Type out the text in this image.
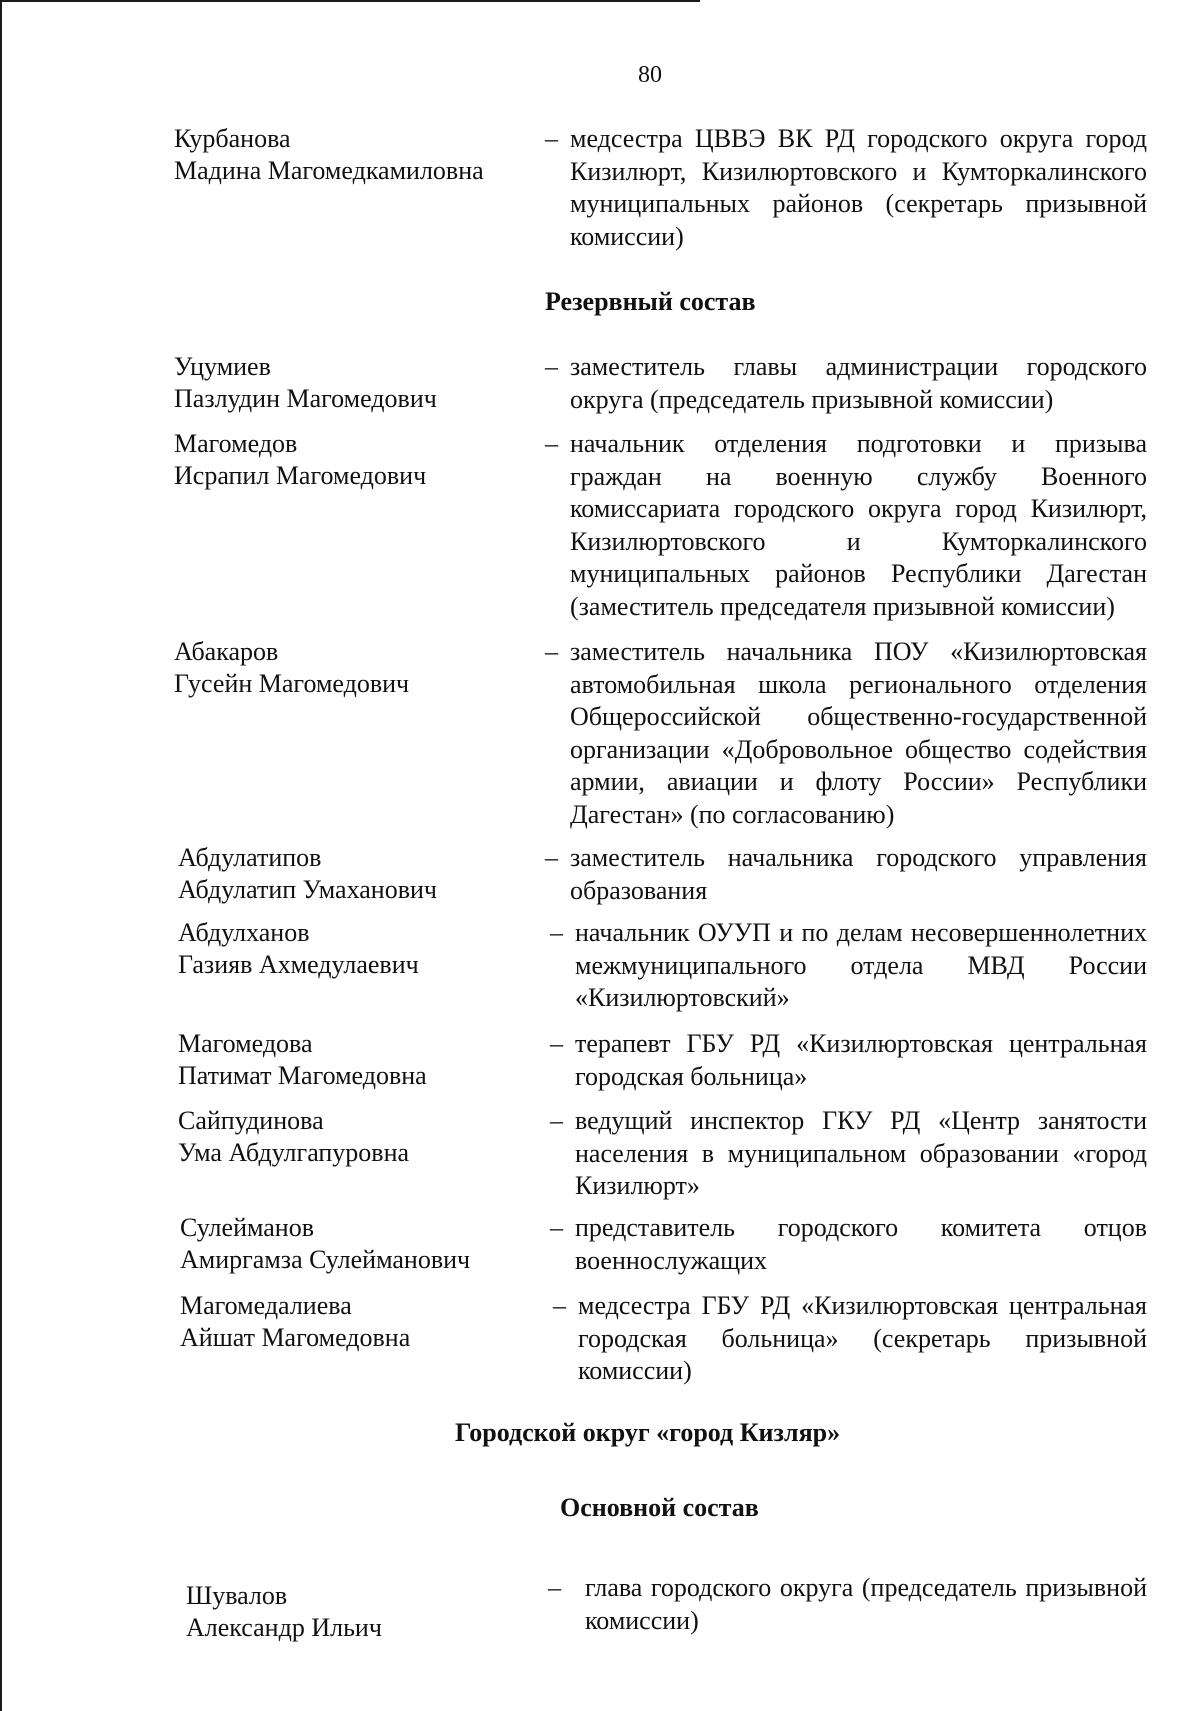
80
Курбанова
Мадина Магомедкамиловна
– медсестра ЦВВЭ ВК РД городского округа город Кизилюрт, Кизилюртовского и Кумторкалинского муниципальных районов (секретарь призывной комиссии)
Резервный состав
Уцумиев
Пазлудин Магомедович
– заместитель главы администрации городского округа (председатель призывной комиссии)
Магомедов
Исрапил Магомедович
– начальник отделения подготовки и призыва граждан на военную службу Военного комиссариата городского округа город Кизилюрт, Кизилюртовского и Кумторкалинского муниципальных районов Республики Дагестан (заместитель председателя призывной комиссии)
Абакаров
Гусейн Магомедович
– заместитель начальника ПОУ «Кизилюртовская автомобильная школа регионального отделения Общероссийской общественно-государственной организации «Добровольное общество содействия армии, авиации и флоту России» Республики Дагестан» (по согласованию)
Абдулатипов
Абдулатип Умаханович
– заместитель начальника городского управления образования
Абдулханов
Газияв Ахмедулаевич
– начальник ОУУП и по делам несовершеннолетних межмуниципального отдела МВД России «Кизилюртовский»
Магомедова
Патимат Магомедовна
– терапевт ГБУ РД «Кизилюртовская центральная городская больница»
Сайпудинова
Ума Абдулгапуровна
– ведущий инспектор ГКУ РД «Центр занятости населения в муниципальном образовании «город Кизилюрт»
Сулейманов
Амиргамза Сулейманович
– представитель городского комитета отцов военнослужащих
Магомедалиева
Айшат Магомедовна
– медсестра ГБУ РД «Кизилюртовская центральная городская больница» (секретарь призывной комиссии)
Городской округ «город Кизляр»
Основной состав
Шувалов
Александр Ильич
– глава городского округа (председатель призывной комиссии)
